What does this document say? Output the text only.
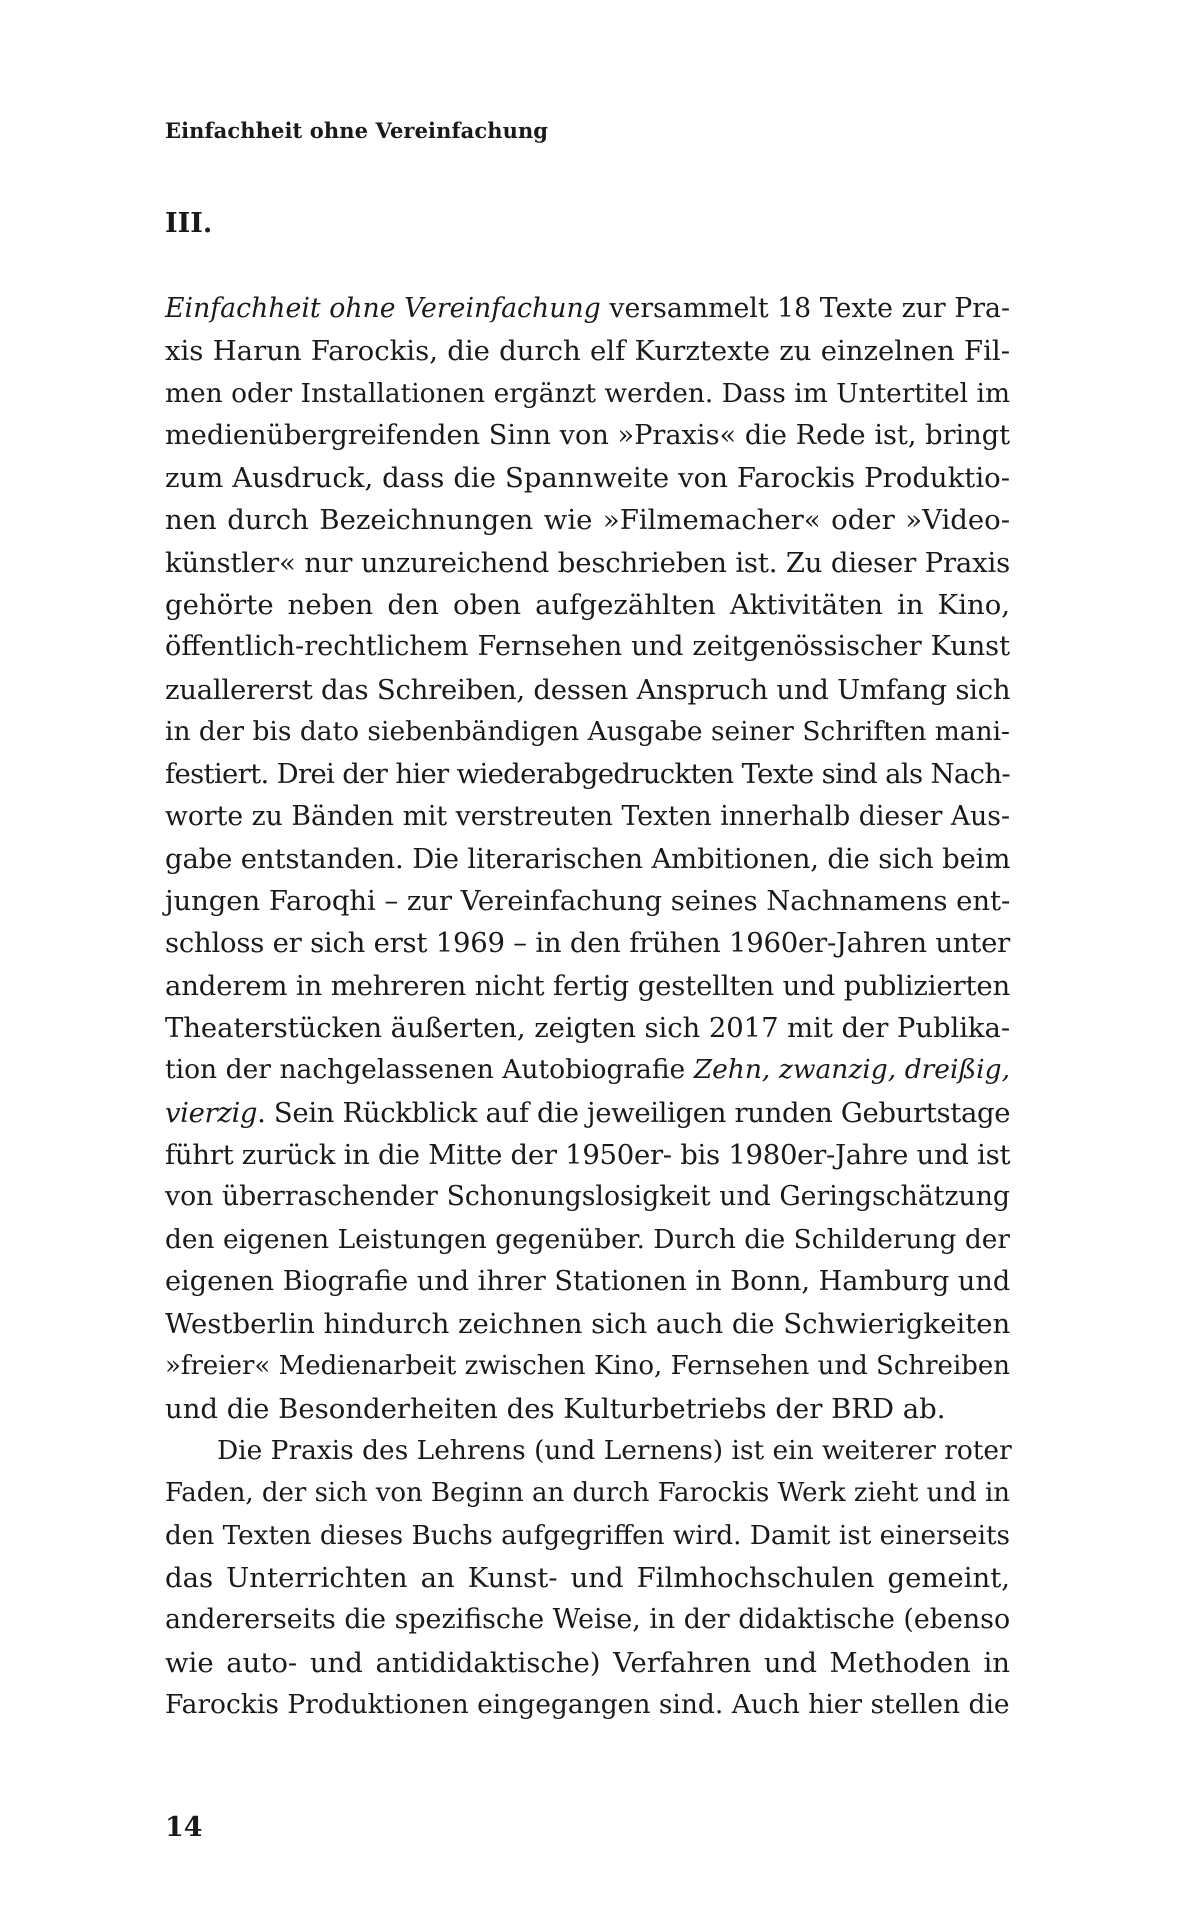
Einfachheit ohne Vereinfachung
III.
Einfachheit ohne Vereinfachung versammelt 18 Texte zur Pra-
xis Harun Farockis, die durch elf Kurztexte zu einzelnen Fil-
men oder Installationen ergänzt werden. Dass im Untertitel im
medienübergreifenden Sinn von »Praxis« die Rede ist, bringt
zum Ausdruck, dass die Spannweite von Farockis Produktio-
nen durch Bezeichnungen wie »Filmemacher« oder »Video-
künstler« nur unzureichend beschrieben ist. Zu dieser Praxis
gehörte neben den oben aufgezählten Aktivitäten in Kino,
öffentlich-rechtlichem Fernsehen und zeitgenössischer Kunst
zuallererst das Schreiben, dessen Anspruch und Umfang sich
in der bis dato siebenbändigen Ausgabe seiner Schriften mani-
festiert. Drei der hier wiederabgedruckten Texte sind als Nach-
worte zu Bänden mit verstreuten Texten innerhalb dieser Aus-
gabe entstanden. Die literarischen Ambitionen, die sich beim
jungen Faroqhi – zur Vereinfachung seines Nachnamens ent-
schloss er sich erst 1969 – in den frühen 1960er-Jahren unter
anderem in mehreren nicht fertig gestellten und publizierten
Theaterstücken äußerten, zeigten sich 2017 mit der Publika-
tion der nachgelassenen Autobiografie Zehn, zwanzig, dreißig,
vierzig. Sein Rückblick auf die jeweiligen runden Geburtstage
führt zurück in die Mitte der 1950er- bis 1980er-Jahre und ist
von überraschender Schonungslosigkeit und Geringschätzung
den eigenen Leistungen gegenüber. Durch die Schilderung der
eigenen Biografie und ihrer Stationen in Bonn, Hamburg und
Westberlin hindurch zeichnen sich auch die Schwierigkeiten
»freier« Medienarbeit zwischen Kino, Fernsehen und Schreiben
und die Besonderheiten des Kulturbetriebs der BRD ab.
Die Praxis des Lehrens (und Lernens) ist ein weiterer roter
Faden, der sich von Beginn an durch Farockis Werk zieht und in
den Texten dieses Buchs aufgegriffen wird. Damit ist einerseits
das Unterrichten an Kunst- und Filmhochschulen gemeint,
andererseits die spezifische Weise, in der didaktische (ebenso
wie auto- und antididaktische) Verfahren und Methoden in
Farockis Produktionen eingegangen sind. Auch hier stellen die
14
